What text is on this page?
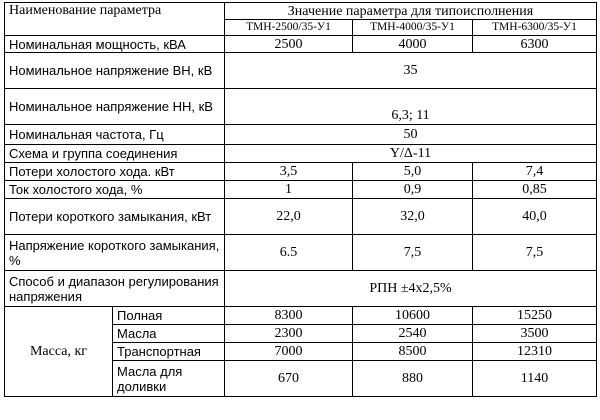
Наименование параметра		Значение параметра для типоисполнения		
		ТМН-2500/35-У1	ТМН-4000/35-У1	ТМН-6300/35-У1
Номинальная мощность, кВА		2500	4000	6300
Номинальное напряжение ВН, кВ		35		
Номинальное напряжение НН, кВ		6,3; 11		
Номинальная частота, Гц		50		
Схема и группа соединения		Y/Δ-11		
Потери холостого хода. кВт		3,5	5,0	7,4
Ток холостого хода, %		1	0,9	0,85
Потери короткого замыкания, кВт		22,0	32,0	40,0
Напряжение короткого замыкания, %		6.5	7,5	7,5
Способ и диапазон регулирования напряжения		РПН ±4х2,5%		
Масса, кг	Полная	8300	10600	15250
	Масла	2300	2540	3500
	Транспортная	7000	8500	12310
	Масла для доливки	670	880	1140
